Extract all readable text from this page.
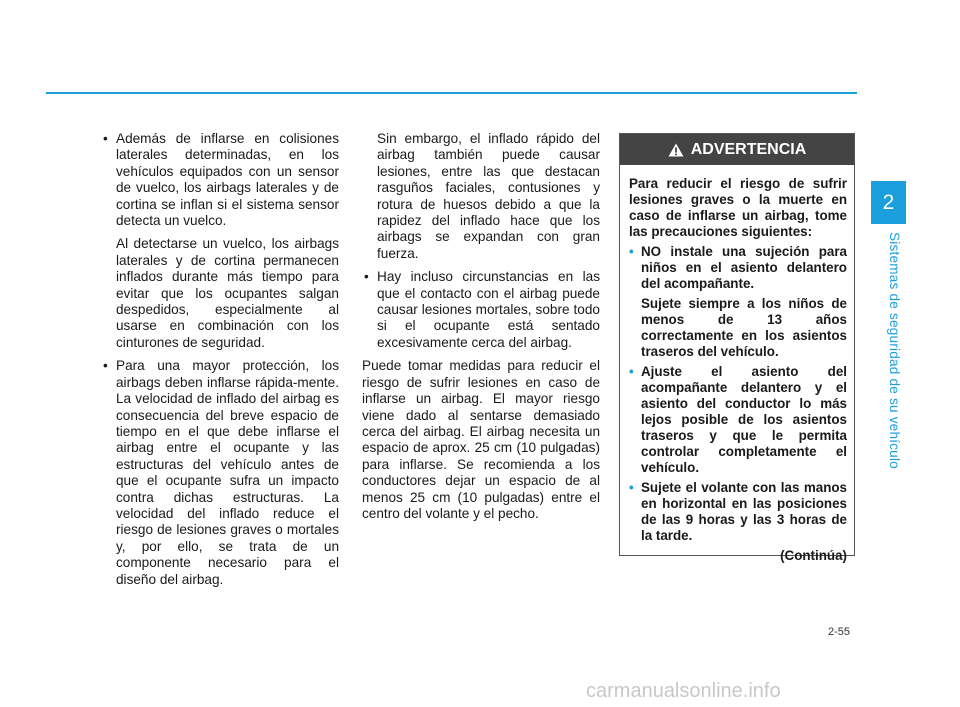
• Además de inflarse en colisiones laterales determinadas, en los vehículos equipados con un sensor de vuelco, los airbags laterales y de cortina se inflan si el sistema sensor detecta un vuelco.
Al detectarse un vuelco, los airbags laterales y de cortina permanecen inflados durante más tiempo para evitar que los ocupantes salgan despedidos, especialmente al usarse en combinación con los cinturones de seguridad.
• Para una mayor protección, los airbags deben inflarse rápida-mente. La velocidad de inflado del airbag es consecuencia del breve espacio de tiempo en el que debe inflarse el airbag entre el ocupante y las estructuras del vehículo antes de que el ocupante sufra un impacto contra dichas estructuras. La velocidad del inflado reduce el riesgo de lesiones graves o mortales y, por ello, se trata de un componente necesario para el diseño del airbag.
Sin embargo, el inflado rápido del airbag también puede causar lesiones, entre las que destacan rasguños faciales, contusiones y rotura de huesos debido a que la rapidez del inflado hace que los airbags se expandan con gran fuerza.
• Hay incluso circunstancias en las que el contacto con el airbag puede causar lesiones mortales, sobre todo si el ocupante está sentado excesivamente cerca del airbag.

Puede tomar medidas para reducir el riesgo de sufrir lesiones en caso de inflarse un airbag. El mayor riesgo viene dado al sentarse demasiado cerca del airbag. El airbag necesita un espacio de aprox. 25 cm (10 pulgadas) para inflarse. Se recomienda a los conductores dejar un espacio de al menos 25 cm (10 pulgadas) entre el centro del volante y el pecho.

ADVERTENCIA

Para reducir el riesgo de sufrir lesiones graves o la muerte en caso de inflarse un airbag, tome las precauciones siguientes:

• NO instale una sujeción para niños en el asiento delantero del acompañante.
Sujete siempre a los niños de menos de 13 años correctamente en los asientos traseros del vehículo.
• Ajuste el asiento del acompañante delantero y el asiento del conductor lo más lejos posible de los asientos traseros y que le permita controlar completamente el vehículo.
• Sujete el volante con las manos en horizontal en las posiciones de las 9 horas y las 3 horas de la tarde.
(Continúa)
2
Sistemas de seguridad de su vehículo
2-55
carmanualsonline.info
